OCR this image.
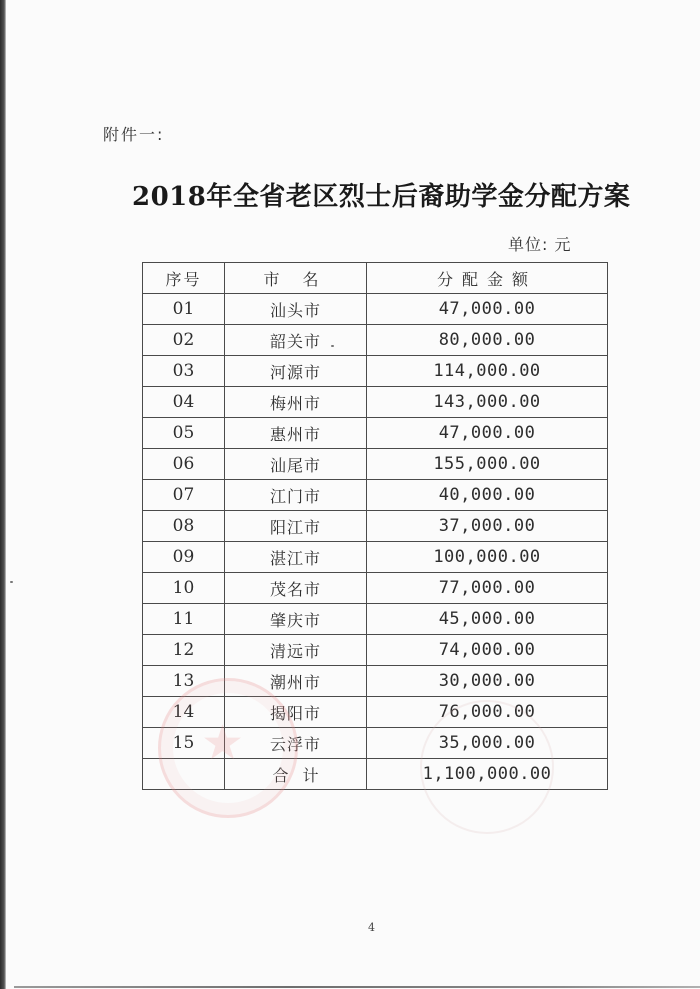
附件一:
2018年全省老区烈士后裔助学金分配方案
单位: 元
序号	市 名	分配金额
01	汕头市	47,000.00
02	韶关市	80,000.00
03	河源市	114,000.00
04	梅州市	143,000.00
05	惠州市	47,000.00
06	汕尾市	155,000.00
07	江门市	40,000.00
08	阳江市	37,000.00
09	湛江市	100,000.00
10	茂名市	77,000.00
11	肇庆市	45,000.00
12	清远市	74,000.00
13	潮州市	30,000.00
14	揭阳市	76,000.00
15	云浮市	35,000.00
	合计	1,100,000.00
★
4
